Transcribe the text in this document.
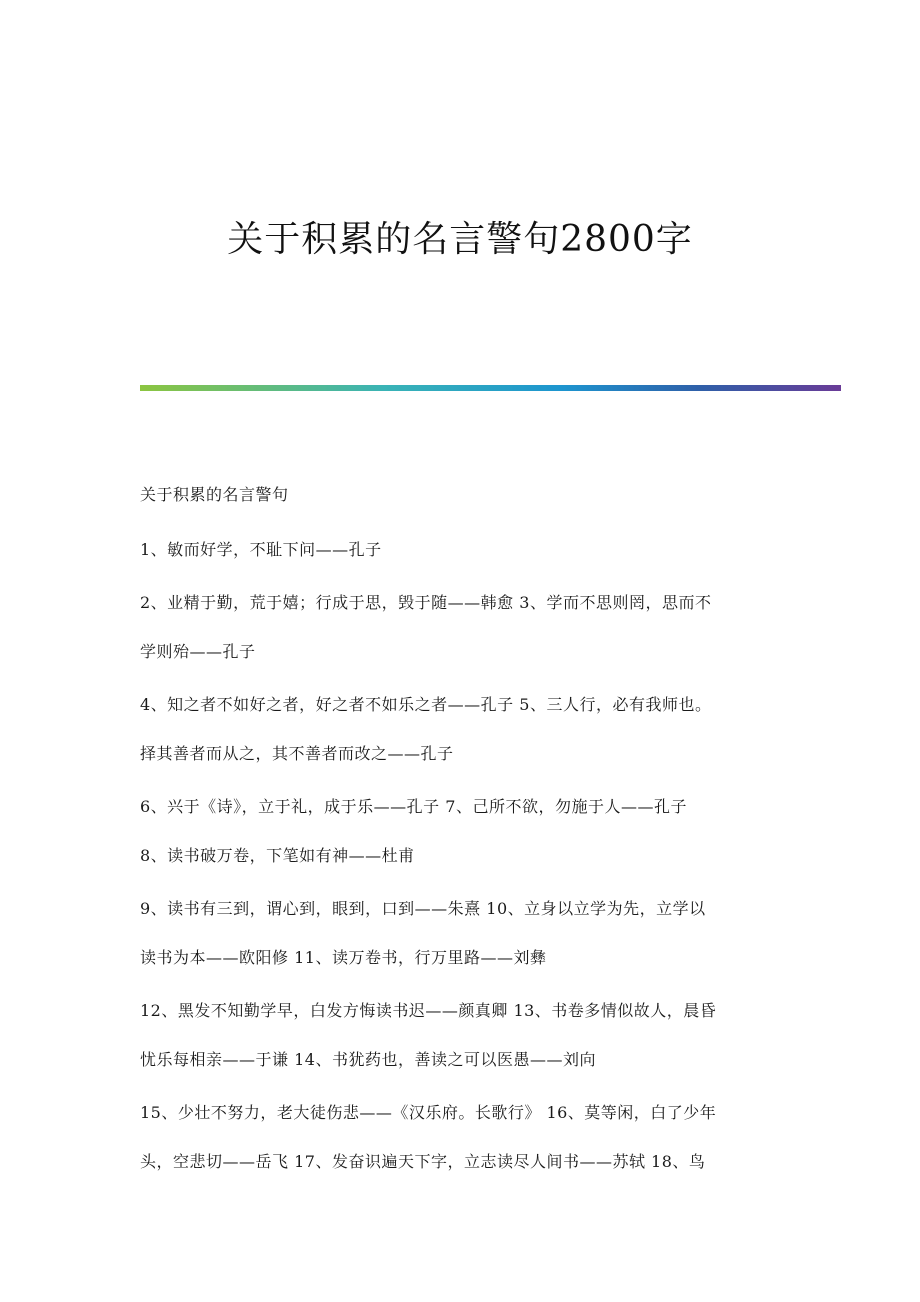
关于积累的名言警句2800字

关于积累的名言警句

1、敏而好学，不耻下问——孔子

2、业精于勤，荒于嬉；行成于思，毁于随——韩愈 3、学而不思则罔，思而不
学则殆——孔子

4、知之者不如好之者，好之者不如乐之者——孔子 5、三人行，必有我师也。
择其善者而从之，其不善者而改之——孔子

6、兴于《诗》，立于礼，成于乐——孔子 7、己所不欲，勿施于人——孔子
8、读书破万卷，下笔如有神——杜甫

9、读书有三到，谓心到，眼到，口到——朱熹 10、立身以立学为先，立学以
读书为本——欧阳修 11、读万卷书，行万里路——刘彝

12、黑发不知勤学早，白发方悔读书迟——颜真卿 13、书卷多情似故人，晨昏
忧乐每相亲——于谦 14、书犹药也，善读之可以医愚——刘向

15、少壮不努力，老大徒伤悲——《汉乐府。长歌行》 16、莫等闲，白了少年
头，空悲切——岳飞 17、发奋识遍天下字，立志读尽人间书——苏轼 18、鸟
